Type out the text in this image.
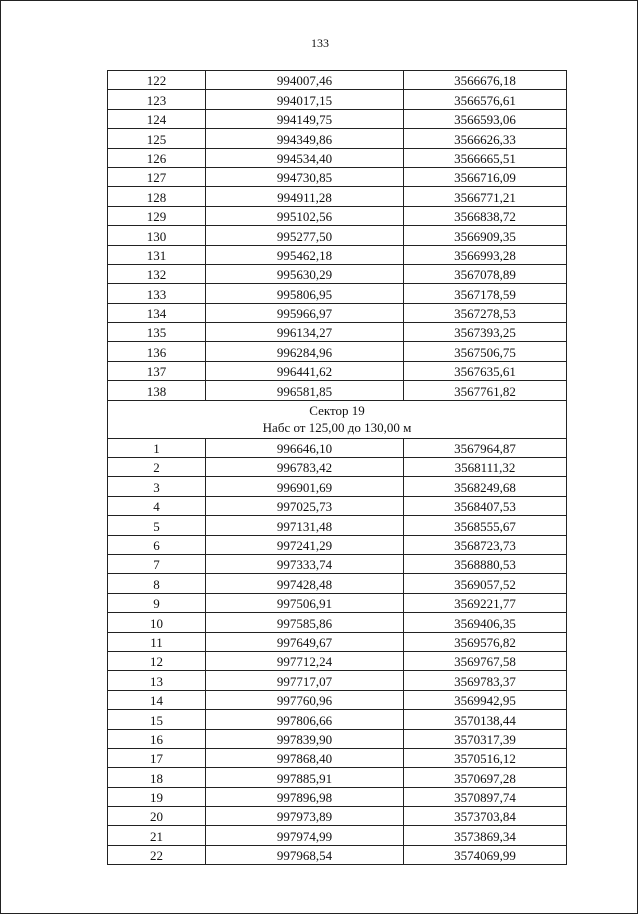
133
122	994007,46	3566676,18
123	994017,15	3566576,61
124	994149,75	3566593,06
125	994349,86	3566626,33
126	994534,40	3566665,51
127	994730,85	3566716,09
128	994911,28	3566771,21
129	995102,56	3566838,72
130	995277,50	3566909,35
131	995462,18	3566993,28
132	995630,29	3567078,89
133	995806,95	3567178,59
134	995966,97	3567278,53
135	996134,27	3567393,25
136	996284,96	3567506,75
137	996441,62	3567635,61
138	996581,85	3567761,82

Сектор 19
Набс от 125,00 до 130,00 м		

1	996646,10	3567964,87
2	996783,42	3568111,32
3	996901,69	3568249,68
4	997025,73	3568407,53
5	997131,48	3568555,67
6	997241,29	3568723,73
7	997333,74	3568880,53
8	997428,48	3569057,52
9	997506,91	3569221,77
10	997585,86	3569406,35
11	997649,67	3569576,82
12	997712,24	3569767,58
13	997717,07	3569783,37
14	997760,96	3569942,95
15	997806,66	3570138,44
16	997839,90	3570317,39
17	997868,40	3570516,12
18	997885,91	3570697,28
19	997896,98	3570897,74
20	997973,89	3573703,84
21	997974,99	3573869,34
22	997968,54	3574069,99
